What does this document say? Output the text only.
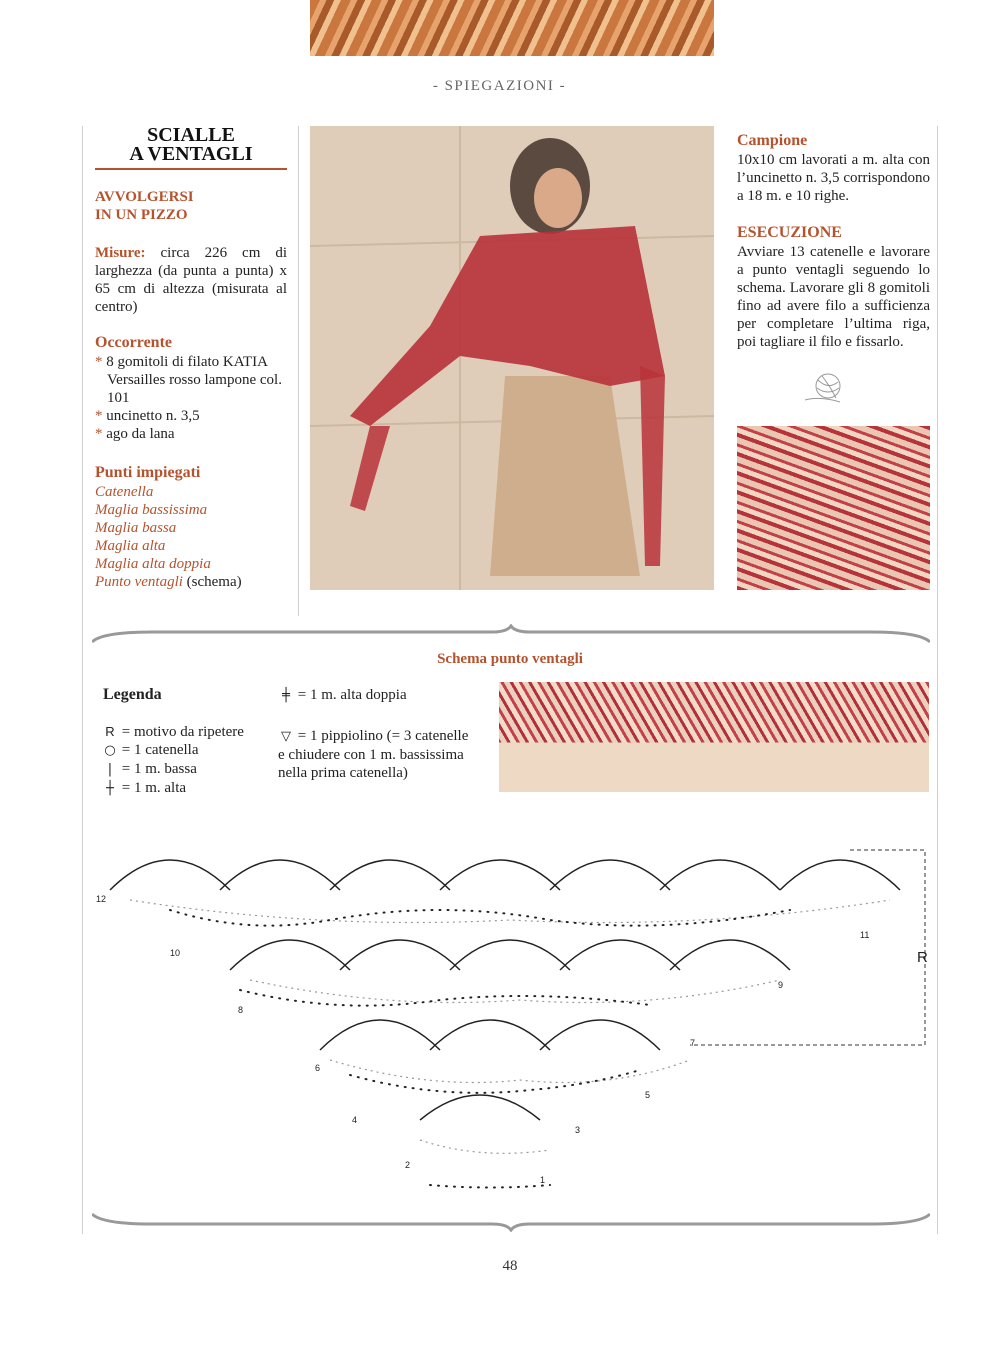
- SPIEGAZIONI -
SCIALLE
A VENTAGLI
AVVOLGERSI
IN UN PIZZO
Misure: circa 226 cm di larghezza (da punta a punta) x 65 cm di altezza (misurata al centro)
Occorrente
* 8 gomitoli di filato KATIA
Versailles rosso lampone col.
101
* uncinetto n. 3,5
* ago da lana
Punti impiegati
Catenella
Maglia bassissima
Maglia bassa
Maglia alta
Maglia alta doppia
Punto ventagli (schema)
Campione
10x10 cm lavorati a m. alta con l’uncinetto n. 3,5 corrispondono a 18 m. e 10 righe.
ESECUZIONE
Avviare 13 catenelle e lavorare a punto ventagli seguendo lo schema. Lavorare gli 8 gomitoli fino ad avere filo a sufficienza per completare l’ultima riga, poi tagliare il filo e fissarlo.
Schema punto ventagli
Legenda
R = motivo da ripetere
○ = 1 catenella
| = 1 m. bassa
┼ = 1 m. alta
╪ = 1 m. alta doppia
▽ = 1 pippiolino (= 3 catenelle e chiudere con 1 m. bassissima nella prima catenella)
1
2
3
4
5
6
7
8
9
10
11
12
R
48
